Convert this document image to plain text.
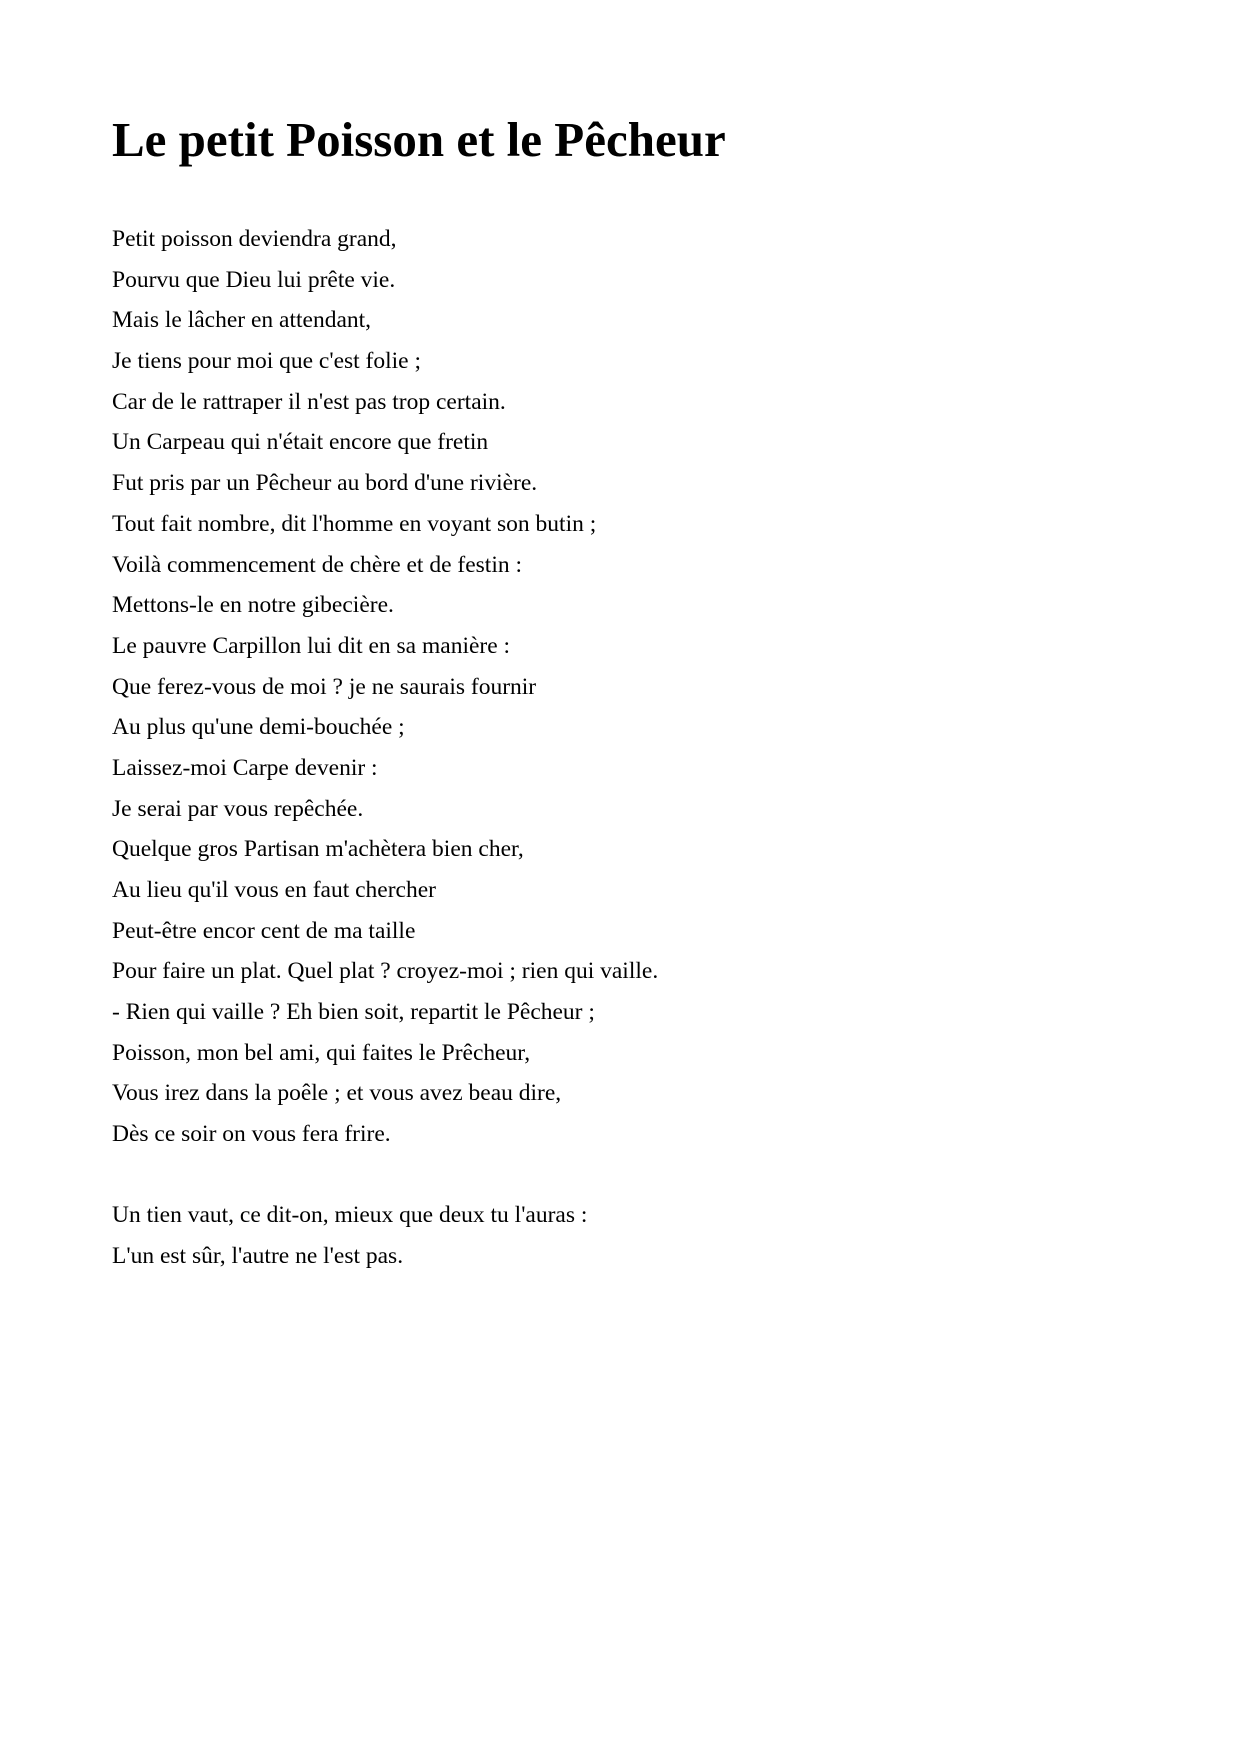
Le petit Poisson et le Pêcheur
Petit poisson deviendra grand,
Pourvu que Dieu lui prête vie.
Mais le lâcher en attendant,
Je tiens pour moi que c'est folie ;
Car de le rattraper il n'est pas trop certain.
Un Carpeau qui n'était encore que fretin
Fut pris par un Pêcheur au bord d'une rivière.
Tout fait nombre, dit l'homme en voyant son butin ;
Voilà commencement de chère et de festin :
Mettons-le en notre gibecière.
Le pauvre Carpillon lui dit en sa manière :
Que ferez-vous de moi ? je ne saurais fournir
Au plus qu'une demi-bouchée ;
Laissez-moi Carpe devenir :
Je serai par vous repêchée.
Quelque gros Partisan m'achètera bien cher,
Au lieu qu'il vous en faut chercher
Peut-être encor cent de ma taille
Pour faire un plat. Quel plat ? croyez-moi ; rien qui vaille.
- Rien qui vaille ? Eh bien soit, repartit le Pêcheur ;
Poisson, mon bel ami, qui faites le Prêcheur,
Vous irez dans la poêle ; et vous avez beau dire,
Dès ce soir on vous fera frire.
Un tien vaut, ce dit-on, mieux que deux tu l'auras :
L'un est sûr, l'autre ne l'est pas.
